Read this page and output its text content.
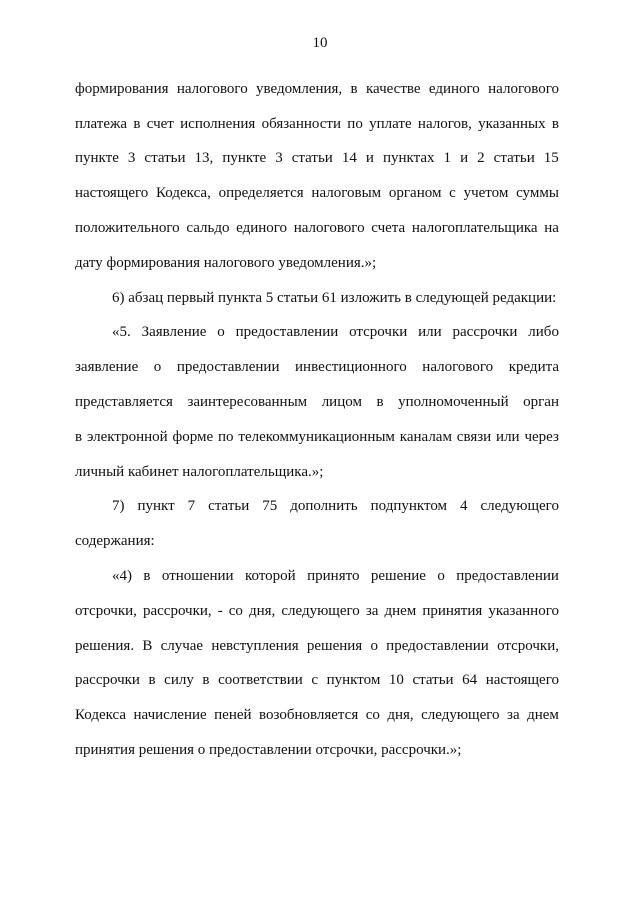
10
формирования налогового уведомления, в качестве единого налогового
платежа в счет исполнения обязанности по уплате налогов, указанных в
пункте 3 статьи 13, пункте 3 статьи 14 и пунктах 1 и 2 статьи 15
настоящего Кодекса, определяется налоговым органом с учетом суммы
положительного сальдо единого налогового счета налогоплательщика на
дату формирования налогового уведомления.»;
6) абзац первый пункта 5 статьи 61 изложить в следующей редакции:
«5. Заявление о предоставлении отсрочки или рассрочки либо
заявление о предоставлении инвестиционного налогового кредита
представляется заинтересованным лицом в уполномоченный орган
в электронной форме по телекоммуникационным каналам связи или через
личный кабинет налогоплательщика.»;
7) пункт 7 статьи 75 дополнить подпунктом 4 следующего
содержания:
«4) в отношении которой принято решение о предоставлении
отсрочки, рассрочки, - со дня, следующего за днем принятия указанного
решения. В случае невступления решения о предоставлении отсрочки,
рассрочки в силу в соответствии с пунктом 10 статьи 64 настоящего
Кодекса начисление пеней возобновляется со дня, следующего за днем
принятия решения о предоставлении отсрочки, рассрочки.»;
